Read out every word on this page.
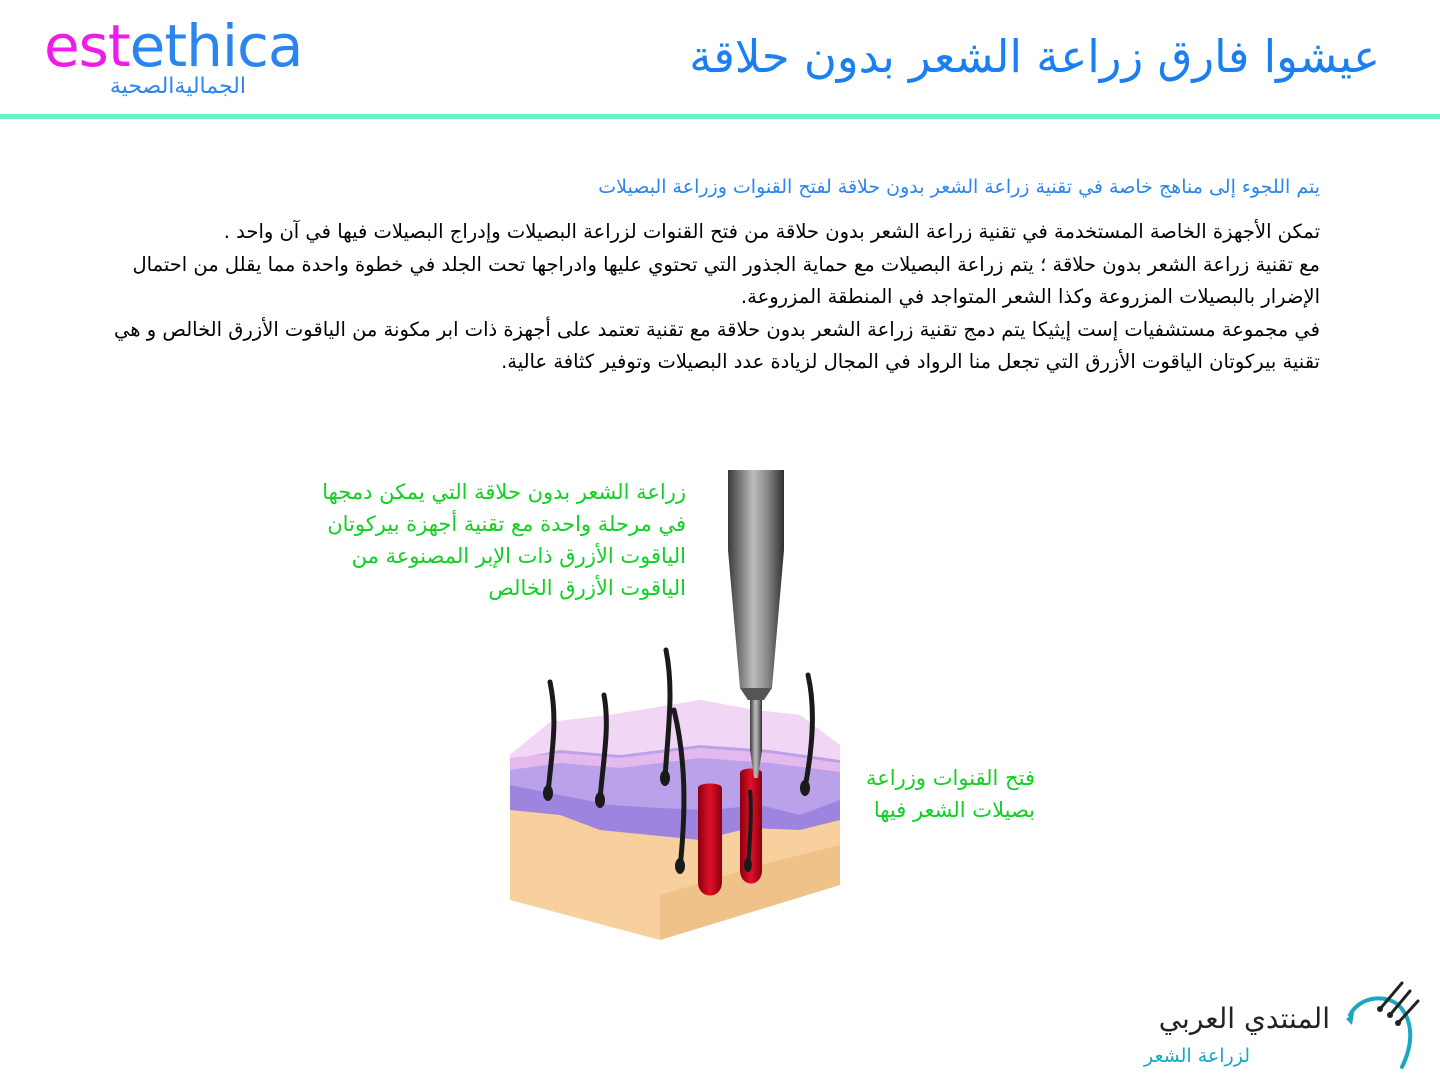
estethica
الجماليةالصحية
عيشوا فارق زراعة الشعر بدون حلاقة
يتم اللجوء إلى مناهج خاصة في تقنية زراعة الشعر بدون حلاقة لفتح القنوات وزراعة البصيلات

تمكن الأجهزة الخاصة المستخدمة في تقنية زراعة الشعر بدون حلاقة من فتح القنوات لزراعة البصيلات وإدراج البصيلات فيها في آن واحد .

مع تقنية زراعة الشعر بدون حلاقة ؛ يتم زراعة البصيلات مع حماية الجذور التي تحتوي عليها وادراجها تحت الجلد في خطوة واحدة مما يقلل من احتمال الإضرار بالبصيلات المزروعة وكذا الشعر المتواجد في المنطقة المزروعة.

في مجموعة مستشفيات إست إيثيكا يتم دمج تقنية زراعة الشعر بدون حلاقة مع تقنية تعتمد على أجهزة ذات ابر مكونة من الياقوت الأزرق الخالص و هي تقنية بيركوتان الياقوت الأزرق التي تجعل منا الرواد في المجال لزيادة عدد البصيلات وتوفير كثافة عالية.

زراعة الشعر بدون حلاقة التي يمكن دمجها في مرحلة واحدة مع تقنية أجهزة بيركوتان الياقوت الأزرق ذات الإبر المصنوعة من الياقوت الأزرق الخالص
فتح القنوات وزراعة بصيلات الشعر فيها
المنتدي العربي
لزراعة الشعر
